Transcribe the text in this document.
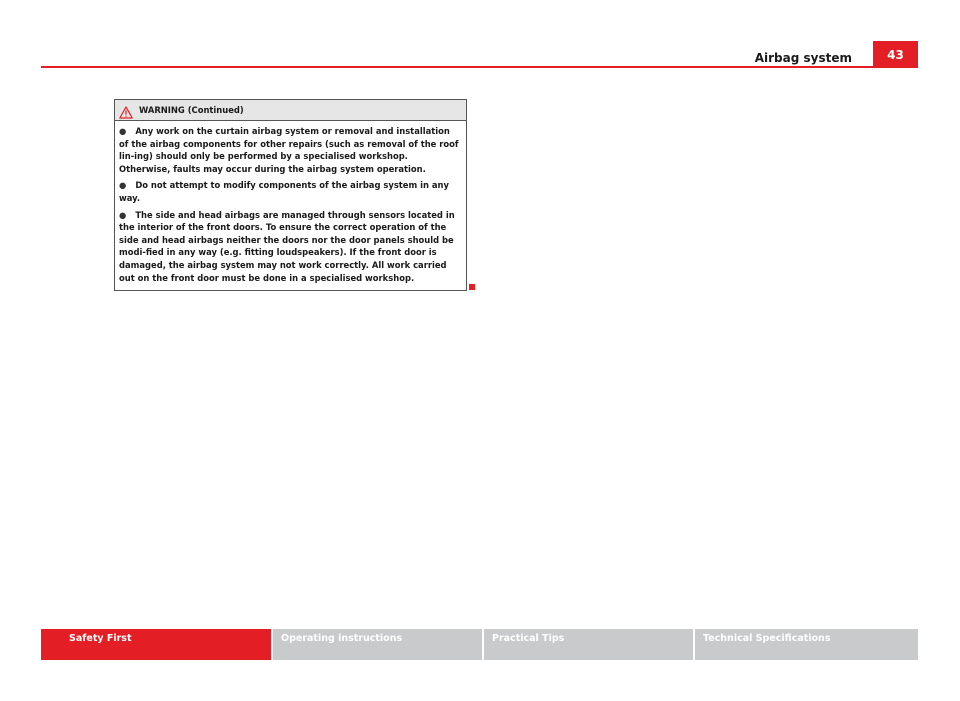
Airbag system	43
WARNING (Continued)

● Any work on the curtain airbag system or removal and installation of the airbag components for other repairs (such as removal of the roof lin-ing) should only be performed by a specialised workshop. Otherwise, faults may occur during the airbag system operation.

● Do not attempt to modify components of the airbag system in any way.

● The side and head airbags are managed through sensors located in the interior of the front doors. To ensure the correct operation of the side and head airbags neither the doors nor the door panels should be modi-fied in any way (e.g. fitting loudspeakers). If the front door is damaged, the airbag system may not work correctly. All work carried out on the front door must be done in a specialised workshop.

Safety First	Operating instructions	Practical Tips	Technical Specifications
